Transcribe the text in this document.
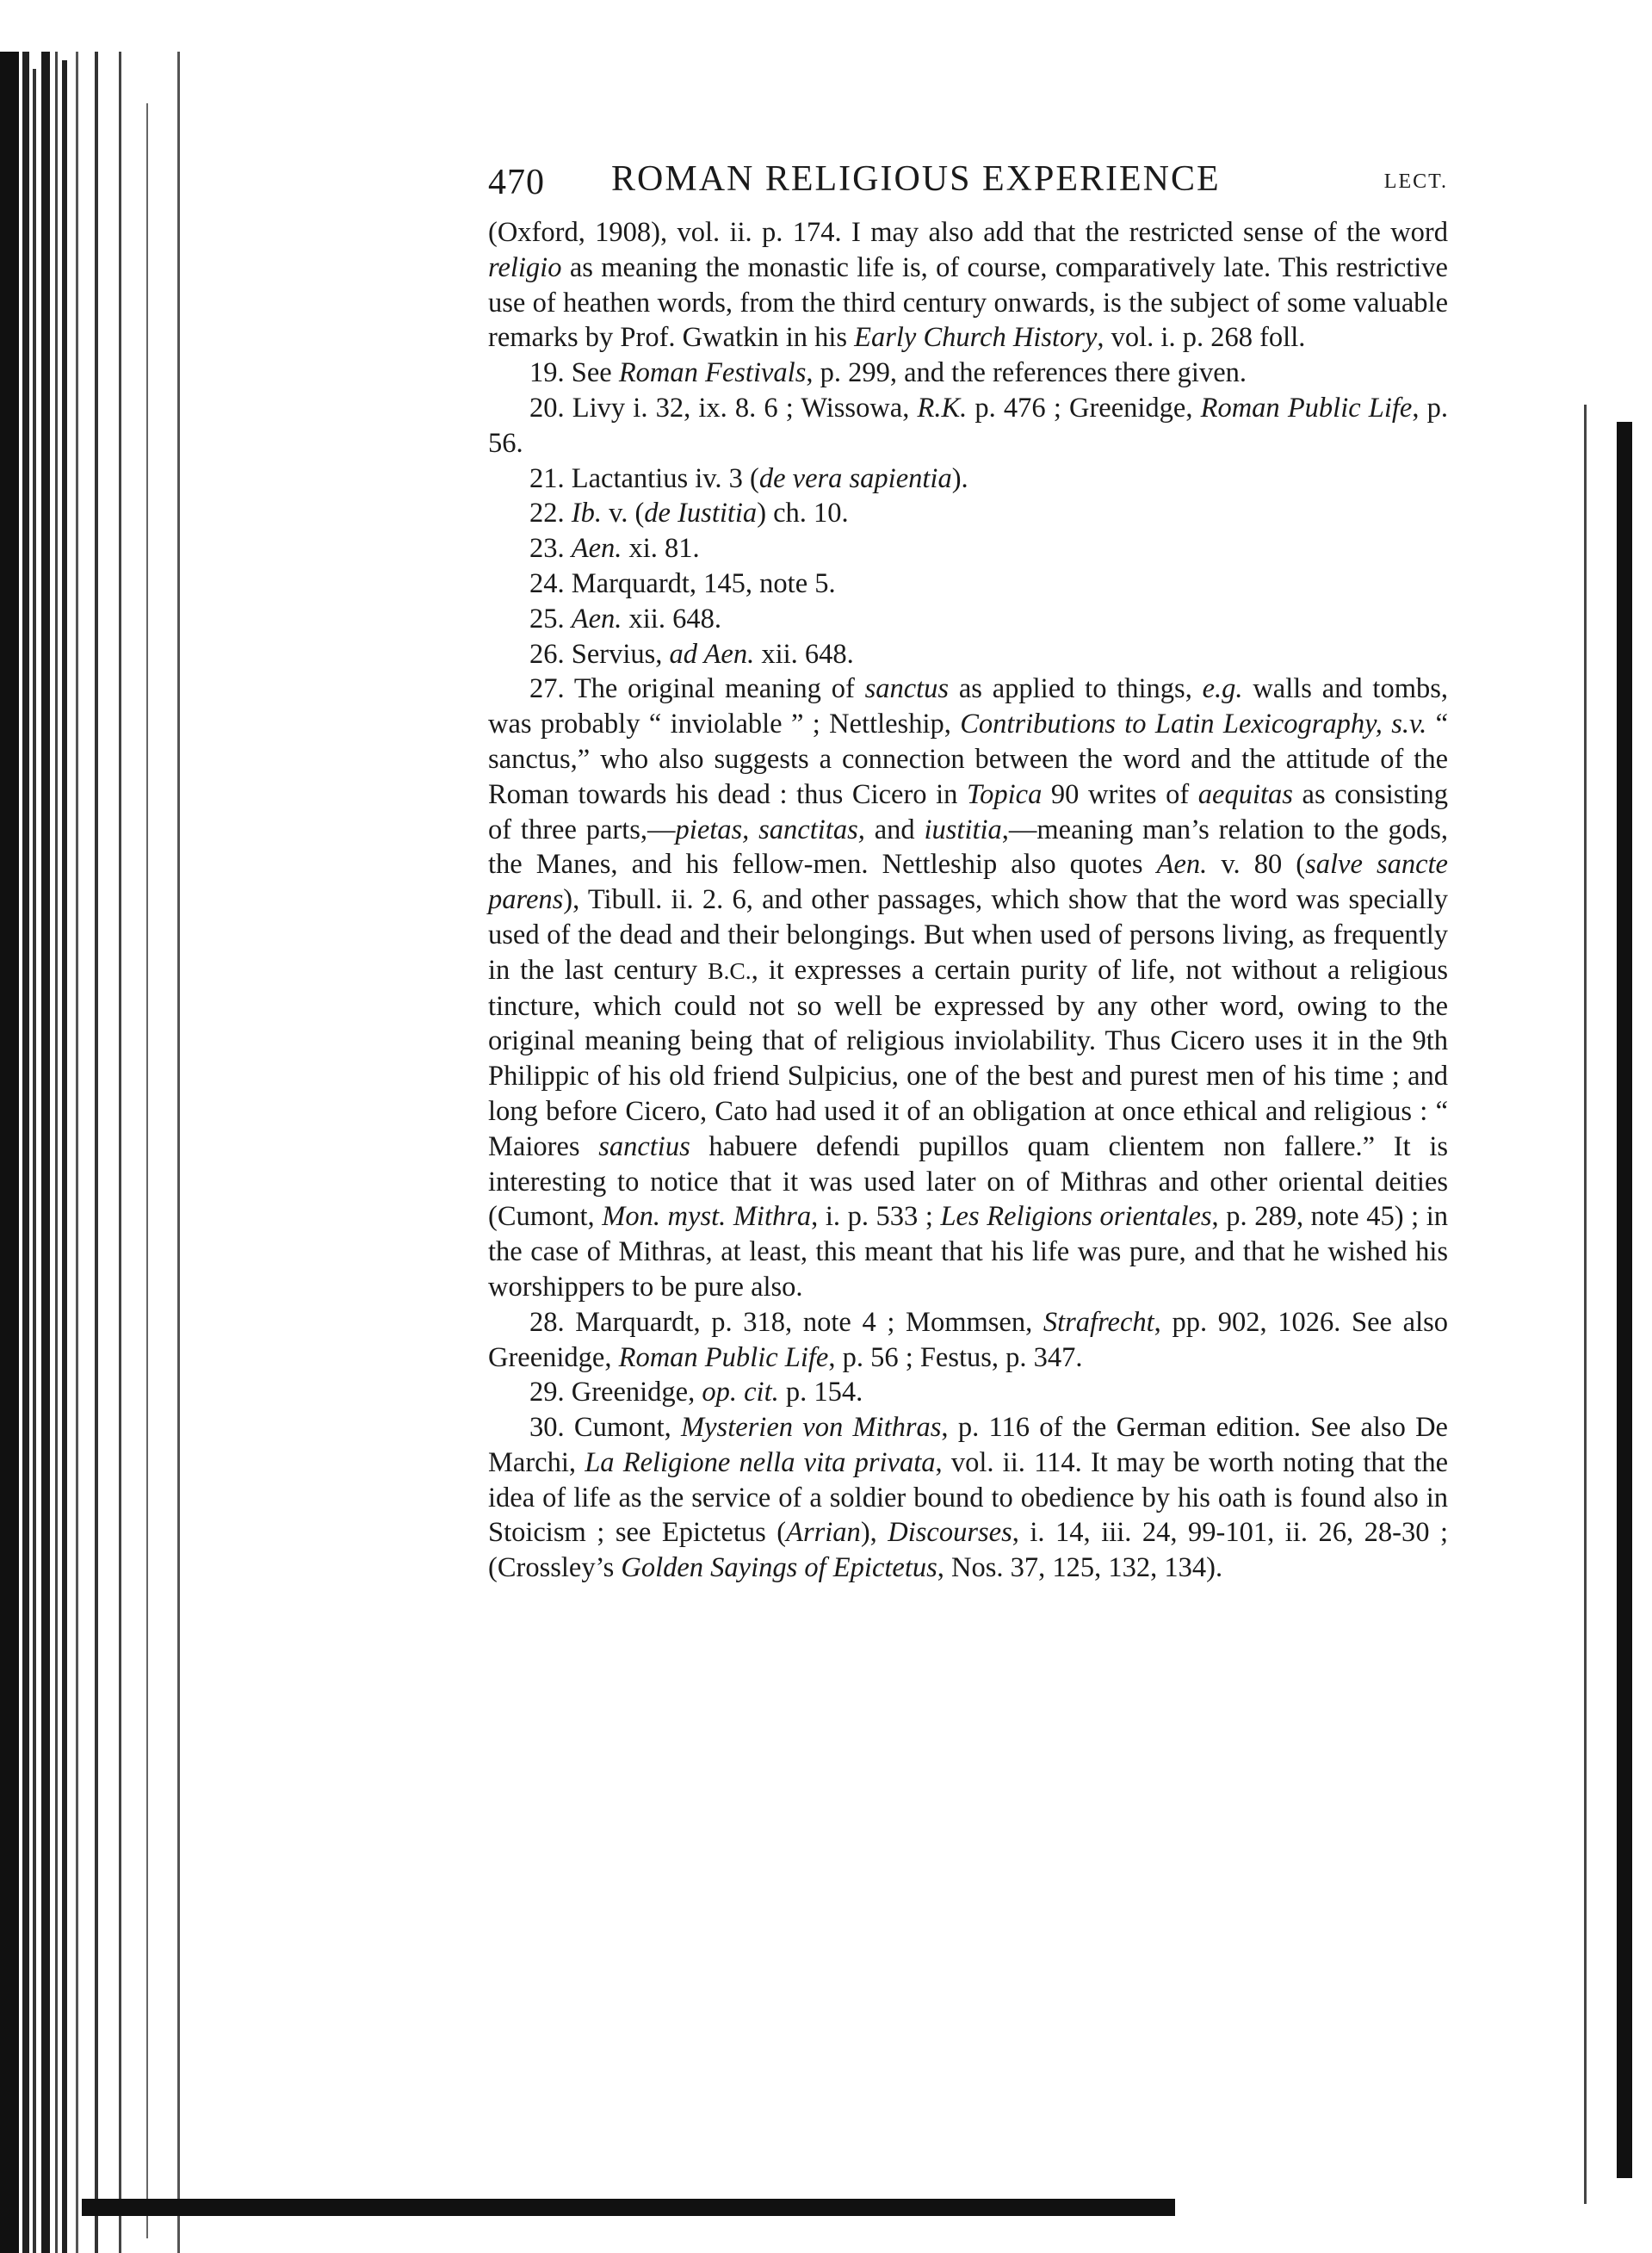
470 ROMAN RELIGIOUS EXPERIENCE	LECT.

(Oxford, 1908), vol. ii. p. 174. I may also add that the restricted sense of the word religio as meaning the monastic life is, of course, comparatively late. This restrictive use of heathen words, from the third century onwards, is the subject of some valuable remarks by Prof. Gwatkin in his Early Church History, vol. i. p. 268 foll.

19. See Roman Festivals, p. 299, and the references there given.

20. Livy i. 32, ix. 8. 6 ; Wissowa, R.K. p. 476 ; Greenidge, Roman Public Life, p. 56.

21. Lactantius iv. 3 (de vera sapientia).

22. Ib. v. (de Iustitia) ch. 10.

23. Aen. xi. 81.

24. Marquardt, 145, note 5.

25. Aen. xii. 648.

26. Servius, ad Aen. xii. 648.

27. The original meaning of sanctus as applied to things, e.g. walls and tombs, was probably “ inviolable ” ; Nettleship, Contributions to Latin Lexicography, s.v. “ sanctus,” who also suggests a connection between the word and the attitude of the Roman towards his dead : thus Cicero in Topica 90 writes of aequitas as consisting of three parts,—pietas, sanctitas, and iustitia,—meaning man’s relation to the gods, the Manes, and his fellow-men. Nettleship also quotes Aen. v. 80 (salve sancte parens), Tibull. ii. 2. 6, and other passages, which show that the word was specially used of the dead and their belongings. But when used of persons living, as frequently in the last century B.C., it expresses a certain purity of life, not without a religious tincture, which could not so well be expressed by any other word, owing to the original meaning being that of religious inviolability. Thus Cicero uses it in the 9th Philippic of his old friend Sulpicius, one of the best and purest men of his time ; and long before Cicero, Cato had used it of an obligation at once ethical and religious : “ Maiores sanctius habuere defendi pupillos quam clientem non fallere.” It is interesting to notice that it was used later on of Mithras and other oriental deities (Cumont, Mon. myst. Mithra, i. p. 533 ; Les Religions orientales, p. 289, note 45) ; in the case of Mithras, at least, this meant that his life was pure, and that he wished his worshippers to be pure also.

28. Marquardt, p. 318, note 4 ; Mommsen, Strafrecht, pp. 902, 1026. See also Greenidge, Roman Public Life, p. 56 ; Festus, p. 347.

29. Greenidge, op. cit. p. 154.

30. Cumont, Mysterien von Mithras, p. 116 of the German edition. See also De Marchi, La Religione nella vita privata, vol. ii. 114. It may be worth noting that the idea of life as the service of a soldier bound to obedience by his oath is found also in Stoicism ; see Epictetus (Arrian), Discourses, i. 14, iii. 24, 99-101, ii. 26, 28-30 ; (Crossley’s Golden Sayings of Epictetus, Nos. 37, 125, 132, 134).
